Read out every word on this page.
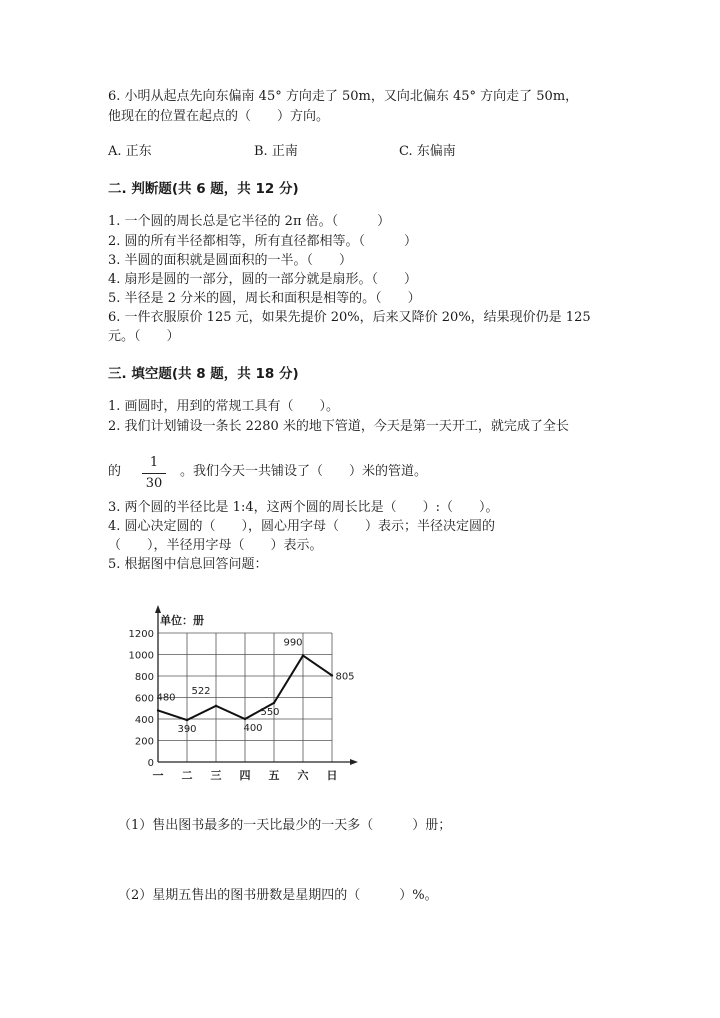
6. 小明从起点先向东偏南 45° 方向走了 50m，又向北偏东 45° 方向走了 50m，
他现在的位置在起点的（　　）方向。
A. 正东	B. 正南	C. 东偏南
二. 判断题(共 6 题，共 12 分)
1. 一个圆的周长总是它半径的 2π 倍。（　　　）
2. 圆的所有半径都相等，所有直径都相等。（　　　）
3. 半圆的面积就是圆面积的一半。（　　）
4. 扇形是圆的一部分，圆的一部分就是扇形。（　　）
5. 半径是 2 分米的圆，周长和面积是相等的。（　　）
6. 一件衣服原价 125 元，如果先提价 20%，后来又降价 20%，结果现价仍是 125
元。（　　）
三. 填空题(共 8 题，共 18 分)
1. 画圆时，用到的常规工具有（　　）。
2. 我们计划铺设一条长 2280 米的地下管道，今天是第一天开工，就完成了全长
的
1
30
。我们今天一共铺设了（　　）米的管道。
3. 两个圆的半径比是 1:4，这两个圆的周长比是（　　）:（　　）。
4. 圆心决定圆的（　　），圆心用字母（　　）表示；半径决定圆的
（　　），半径用字母（　　）表示。
5. 根据图中信息回答问题：
0
200
400
600
800
1000
1200
一 二 三 四 五 六 日
480
390
522
400
550
990
805
单位：册
（1）售出图书最多的一天比最少的一天多（　　　）册；
（2）星期五售出的图书册数是星期四的（　　　）%。
